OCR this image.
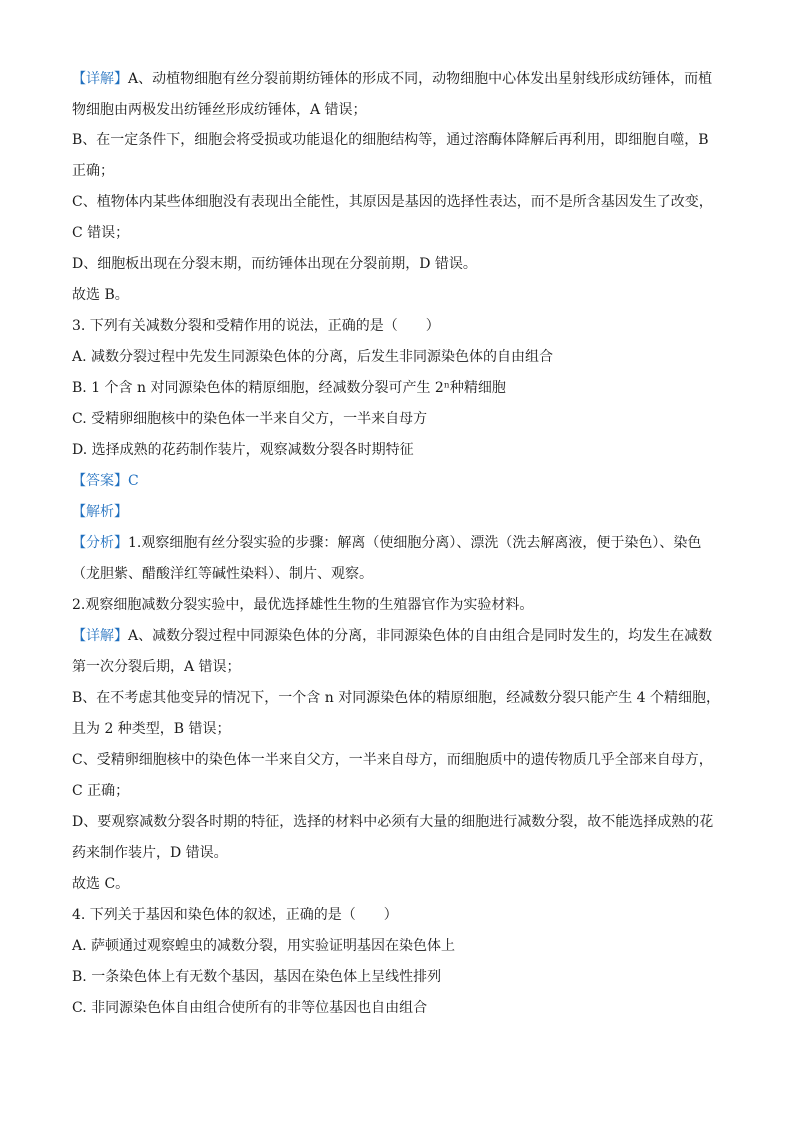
【详解】A、动植物细胞有丝分裂前期纺锤体的形成不同，动物细胞中心体发出星射线形成纺锤体，而植
物细胞由两极发出纺锤丝形成纺锤体，A 错误；
B、在一定条件下，细胞会将受损或功能退化的细胞结构等，通过溶酶体降解后再利用，即细胞自噬，B
正确；
C、植物体内某些体细胞没有表现出全能性，其原因是基因的选择性表达，而不是所含基因发生了改变，
C 错误；
D、细胞板出现在分裂末期，而纺锤体出现在分裂前期，D 错误。
故选 B。
3. 下列有关减数分裂和受精作用的说法，正确的是（　　）
A. 减数分裂过程中先发生同源染色体的分离，后发生非同源染色体的自由组合
B. 1 个含 n 对同源染色体的精原细胞，经减数分裂可产生 2ⁿ种精细胞
C. 受精卵细胞核中的染色体一半来自父方，一半来自母方
D. 选择成熟的花药制作装片，观察减数分裂各时期特征
【答案】C
【解析】
【分析】1.观察细胞有丝分裂实验的步骤：解离（使细胞分离）、漂洗（洗去解离液，便于染色）、染色
（龙胆紫、醋酸洋红等碱性染料）、制片、观察。
2.观察细胞减数分裂实验中，最优选择雄性生物的生殖器官作为实验材料。
【详解】A、减数分裂过程中同源染色体的分离，非同源染色体的自由组合是同时发生的，均发生在减数
第一次分裂后期，A 错误；
B、在不考虑其他变异的情况下，一个含 n 对同源染色体的精原细胞，经减数分裂只能产生 4 个精细胞，
且为 2 种类型，B 错误；
C、受精卵细胞核中的染色体一半来自父方，一半来自母方，而细胞质中的遗传物质几乎全部来自母方，
C 正确；
D、要观察减数分裂各时期的特征，选择的材料中必须有大量的细胞进行减数分裂，故不能选择成熟的花
药来制作装片，D 错误。
故选 C。
4. 下列关于基因和染色体的叙述，正确的是（　　）
A. 萨顿通过观察蝗虫的减数分裂，用实验证明基因在染色体上
B. 一条染色体上有无数个基因，基因在染色体上呈线性排列
C. 非同源染色体自由组合使所有的非等位基因也自由组合
